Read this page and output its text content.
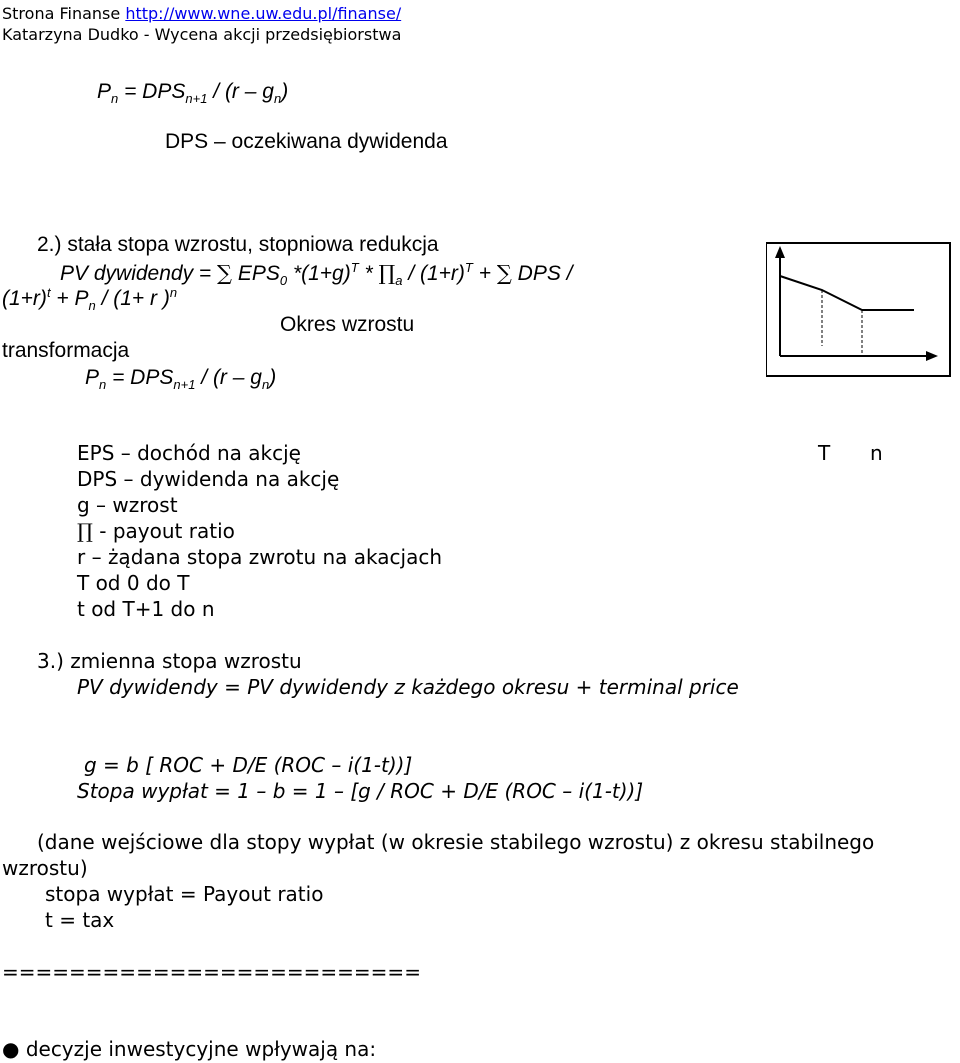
Strona Finanse http://www.wne.uw.edu.pl/finanse/
Katarzyna Dudko - Wycena akcji przedsiębiorstwa
$P_n = DPS_{n+1} / (r - g_n)$
DPS – oczekiwana dywidenda
2.) stała stopa wzrostu, stopniowa redukcja
PV dywidendy = ∑ $EPS_0$ $*(1+g)^T$ * $\prod_a / (1+r)^T$ + ∑ DPS /
$(1+r)^t + P_n / (1+ r$ )$^n$
Okres wzrostu
transformacja
$P_n = DPS_{n+1} / (r - g_n)$
EPS – dochód na akcję	T n
DPS – dywidenda na akcję
g – wzrost
∏ - payout ratio
r – żądana stopa zwrotu na akacjach
T od 0 do T
t od T+1 do n
3.) zmienna stopa wzrostu
PV dywidendy = PV dywidendy z każdego okresu + terminal price
g = b [ ROC + D/E (ROC – i(1-t))]
Stopa wypłat = 1 – b = 1 – [g / ROC + D/E (ROC – i(1-t))]
(dane wejściowe dla stopy wypłat (w okresie stabilego wzrostu) z okresu stabilnego
wzrostu)
stopa wypłat = Payout ratio
t = tax
=========================
● decyzje inwestycyjne wpływają na:
